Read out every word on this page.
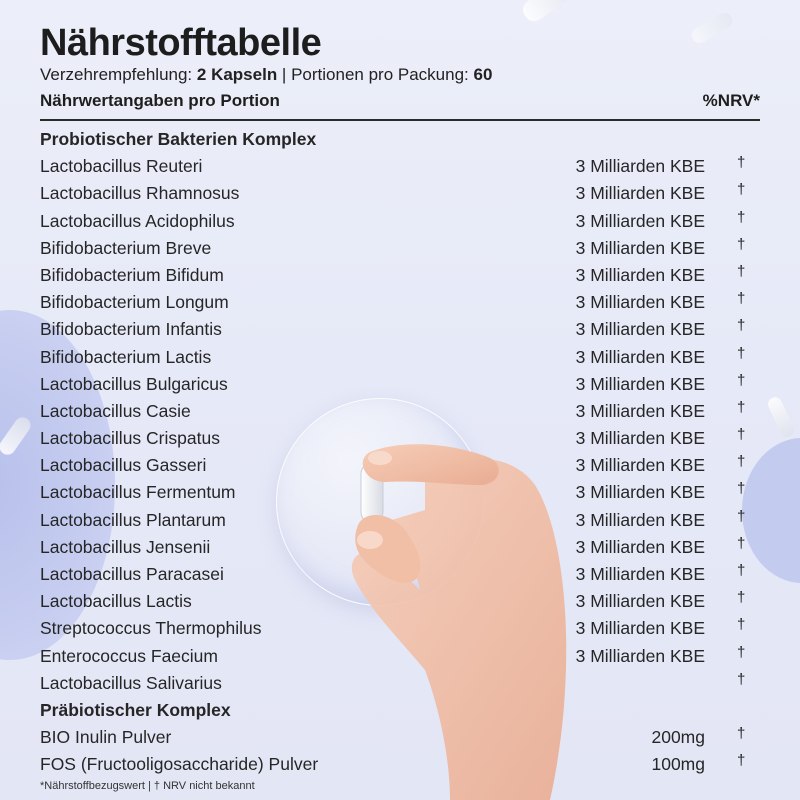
Nährstofftabelle
Verzehrempfehlung: 2 Kapseln | Portionen pro Packung: 60
Nährwertangaben pro Portion	%NRV*
Probiotischer Bakterien Komplex
Lactobacillus Reuteri	3 Milliarden KBE †
Lactobacillus Rhamnosus	3 Milliarden KBE †
Lactobacillus Acidophilus	3 Milliarden KBE †
Bifidobacterium Breve	3 Milliarden KBE †
Bifidobacterium Bifidum	3 Milliarden KBE †
Bifidobacterium Longum	3 Milliarden KBE †
Bifidobacterium Infantis	3 Milliarden KBE †
Bifidobacterium Lactis	3 Milliarden KBE †
Lactobacillus Bulgaricus	3 Milliarden KBE †
Lactobacillus Casie	3 Milliarden KBE †
Lactobacillus Crispatus	3 Milliarden KBE †
Lactobacillus Gasseri	3 Milliarden KBE †
Lactobacillus Fermentum	3 Milliarden KBE †
Lactobacillus Plantarum	3 Milliarden KBE †
Lactobacillus Jensenii	3 Milliarden KBE †
Lactobacillus Paracasei	3 Milliarden KBE †
Lactobacillus Lactis	3 Milliarden KBE †
Streptococcus Thermophilus	3 Milliarden KBE †
Enterococcus Faecium	3 Milliarden KBE †
Lactobacillus Salivarius	†
Präbiotischer Komplex
BIO Inulin Pulver	200mg †
FOS (Fructooligosaccharide) Pulver	100mg †
*Nährstoffbezugswert | † NRV nicht bekannt
